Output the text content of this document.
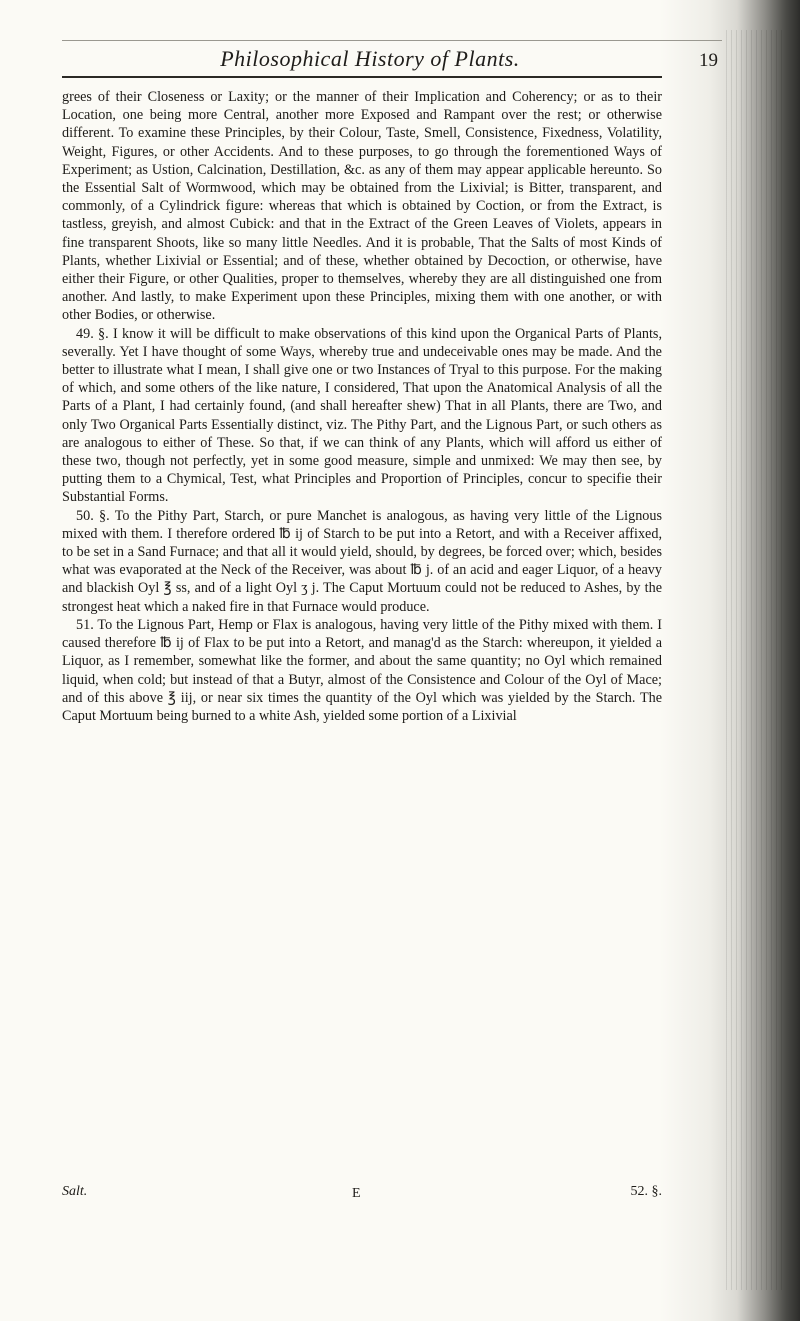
Philosophical History of Plants.	19

grees of their Closeness or Laxity; or the manner of their Implication and Coherency; or as to their Location, one being more Central, another more Exposed and Rampant over the rest; or otherwise different. To examine these Principles, by their Colour, Taste, Smell, Consistence, Fixedness, Volatility, Weight, Figures, or other Accidents. And to these purposes, to go through the forementioned Ways of Experiment; as Ustion, Calcination, Destillation, &c. as any of them may appear applicable hereunto. So the Essential Salt of Wormwood, which may be obtained from the Lixivial; is Bitter, transparent, and commonly, of a Cylindrick figure: whereas that which is obtained by Coction, or from the Extract, is tastless, greyish, and almost Cubick: and that in the Extract of the Green Leaves of Violets, appears in fine transparent Shoots, like so many little Needles. And it is probable, That the Salts of most Kinds of Plants, whether Lixivial or Essential; and of these, whether obtained by Decoction, or otherwise, have either their Figure, or other Qualities, proper to themselves, whereby they are all distinguished one from another. And lastly, to make Experiment upon these Principles, mixing them with one another, or with other Bodies, or otherwise.

49. §. I know it will be difficult to make observations of this kind upon the Organical Parts of Plants, severally. Yet I have thought of some Ways, whereby true and undeceivable ones may be made. And the better to illustrate what I mean, I shall give one or two Instances of Tryal to this purpose. For the making of which, and some others of the like nature, I considered, That upon the Anatomical Analysis of all the Parts of a Plant, I had certainly found, (and shall hereafter shew) That in all Plants, there are Two, and only Two Organical Parts Essentially distinct, viz. The Pithy Part, and the Lignous Part, or such others as are analogous to either of These. So that, if we can think of any Plants, which will afford us either of these two, though not perfectly, yet in some good measure, simple and unmixed: We may then see, by putting them to a Chymical, Test, what Principles and Proportion of Principles, concur to specifie their Substantial Forms.

50. §. To the Pithy Part, Starch, or pure Manchet is analogous, as having very little of the Lignous mixed with them. I therefore ordered ℔ ij of Starch to be put into a Retort, and with a Receiver affixed, to be set in a Sand Furnace; and that all it would yield, should, by degrees, be forced over; which, besides what was evaporated at the Neck of the Receiver, was about ℔ j. of an acid and eager Liquor, of a heavy and blackish Oyl ℥ ss, and of a light Oyl ʒ j. The Caput Mortuum could not be reduced to Ashes, by the strongest heat which a naked fire in that Furnace would produce.

51. To the Lignous Part, Hemp or Flax is analogous, having very little of the Pithy mixed with them. I caused therefore ℔ ij of Flax to be put into a Retort, and manag'd as the Starch: whereupon, it yielded a Liquor, as I remember, somewhat like the former, and about the same quantity; no Oyl which remained liquid, when cold; but instead of that a Butyr, almost of the Consistence and Colour of the Oyl of Mace; and of this above ℥ iij, or near six times the quantity of the Oyl which was yielded by the Starch. The Caput Mortuum being burned to a white Ash, yielded some portion of a Lixivial

Salt.	E	52. §.
